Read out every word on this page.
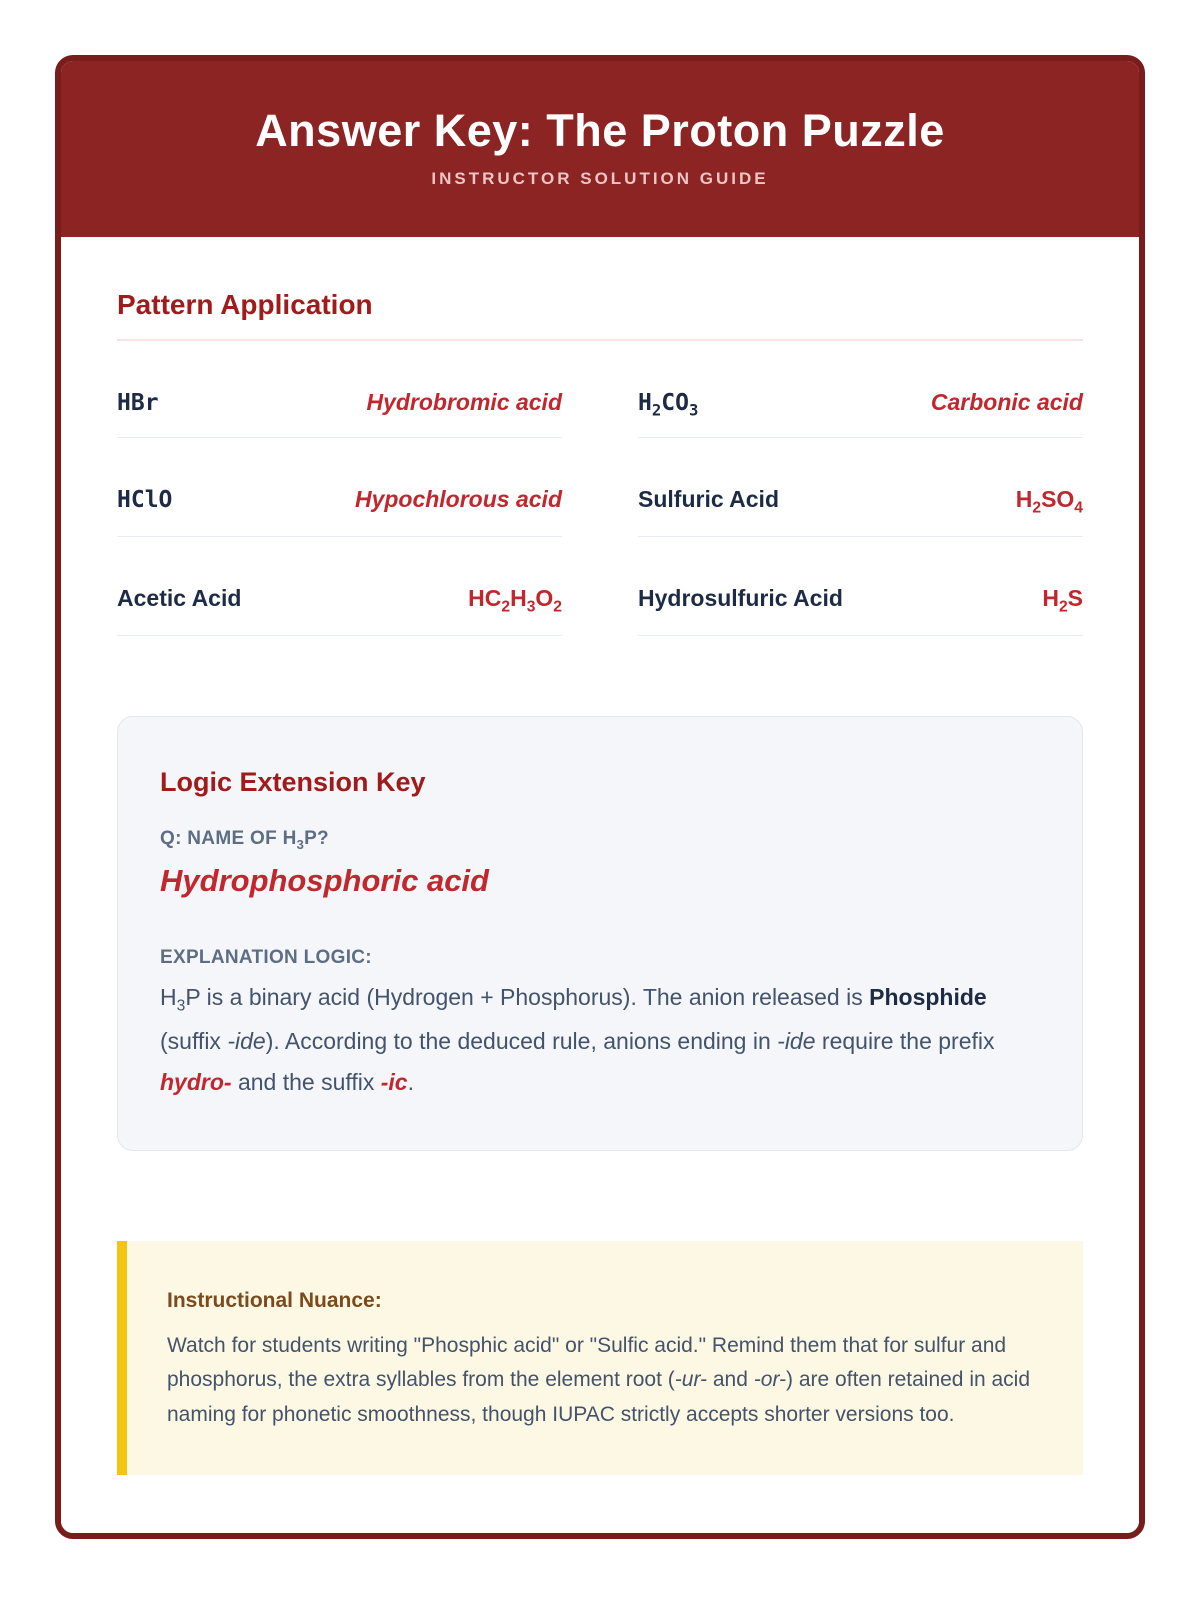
Answer Key: The Proton Puzzle
INSTRUCTOR SOLUTION GUIDE
Pattern Application
HBr	Hydrobromic acid	$H_2CO_3$	Carbonic acid
HClO	Hypochlorous acid	Sulfuric Acid	$H_2SO_4$
Acetic Acid	$HC_2H_3O_2$	Hydrosulfuric Acid	$H_2S$
Logic Extension Key
Q: NAME OF $H_3P$?
Hydrophosphoric acid
EXPLANATION LOGIC:

$H_3P$ is a binary acid (Hydrogen + Phosphorus). The anion released is Phosphide (suffix -ide). According to the deduced rule, anions ending in -ide require the prefix hydro- and the suffix -ic.

Instructional Nuance:

Watch for students writing "Phosphic acid" or "Sulfic acid." Remind them that for sulfur and phosphorus, the extra syllables from the element root (-ur- and -or-) are often retained in acid naming for phonetic smoothness, though IUPAC strictly accepts shorter versions too.
